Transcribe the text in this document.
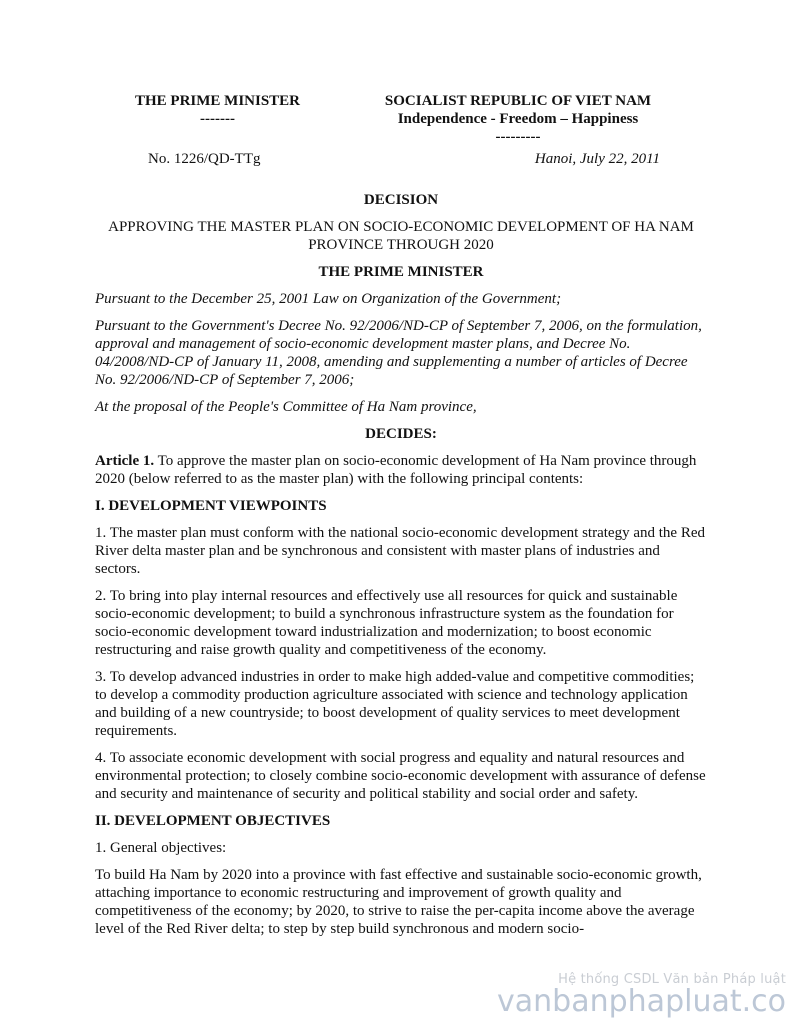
THE PRIME MINISTER
-------
SOCIALIST REPUBLIC OF VIET NAM
Independence - Freedom – Happiness
---------
No. 1226/QD-TTg	Hanoi, July 22, 2011
DECISION
APPROVING THE MASTER PLAN ON SOCIO-ECONOMIC DEVELOPMENT OF HA NAM PROVINCE THROUGH 2020

THE PRIME MINISTER

Pursuant to the December 25, 2001 Law on Organization of the Government;

Pursuant to the Government's Decree No. 92/2006/ND-CP of September 7, 2006, on the formulation, approval and management of socio-economic development master plans, and Decree No. 04/2008/ND-CP of January 11, 2008, amending and supplementing a number of articles of Decree No. 92/2006/ND-CP of September 7, 2006;

At the proposal of the People's Committee of Ha Nam province,

DECIDES:

Article 1. To approve the master plan on socio-economic development of Ha Nam province through 2020 (below referred to as the master plan) with the following principal contents:

I. DEVELOPMENT VIEWPOINTS

1. The master plan must conform with the national socio-economic development strategy and the Red River delta master plan and be synchronous and consistent with master plans of industries and sectors.

2. To bring into play internal resources and effectively use all resources for quick and sustainable socio-economic development; to build a synchronous infrastructure system as the foundation for socio-economic development toward industrialization and modernization; to boost economic restructuring and raise growth quality and competitiveness of the economy.

3. To develop advanced industries in order to make high added-value and competitive commodities; to develop a commodity production agriculture associated with science and technology application and building of a new countryside; to boost development of quality services to meet development requirements.

4. To associate economic development with social progress and equality and natural resources and environmental protection; to closely combine socio-economic development with assurance of defense and security and maintenance of security and political stability and social order and safety.

II. DEVELOPMENT OBJECTIVES

1. General objectives:

To build Ha Nam by 2020 into a province with fast effective and sustainable socio-economic growth, attaching importance to economic restructuring and improvement of growth quality and competitiveness of the economy; by 2020, to strive to raise the per-capita income above the average level of the Red River delta; to step by step build synchronous and modern socio-

Hệ thống CSDL Văn bản Pháp luật
vanbanphapluat.co
